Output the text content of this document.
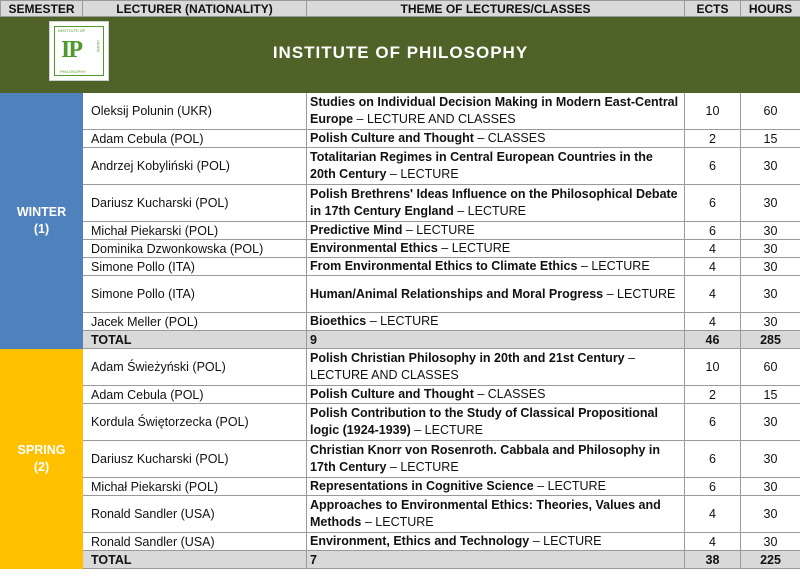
SEMESTER	LECTURER (NATIONALITY)	THEME OF LECTURES/CLASSES	ECTS	HOURS

INSTITUTE OF
IP
PHILOSOPHY
UKSW INSTITUTE OF PHILOSOPHY				

WINTER
(1)	Oleksij Polunin (UKR)	Studies on Individual Decision Making in Modern East-Central Europe – LECTURE AND CLASSES	10	60
	Adam Cebula (POL)	Polish Culture and Thought – CLASSES	2	15
	Andrzej Kobyliński (POL)	Totalitarian Regimes in Central European Countries in the 20th Century – LECTURE	6	30
	Dariusz Kucharski (POL)	Polish Brethrens' Ideas Influence on the Philosophical Debate in 17th Century England – LECTURE	6	30
	Michał Piekarski (POL)	Predictive Mind – LECTURE	6	30
	Dominika Dzwonkowska (POL)	Environmental Ethics – LECTURE	4	30
	Simone Pollo (ITA)	From Environmental Ethics to Climate Ethics – LECTURE	4	30
	Simone Pollo (ITA)	Human/Animal Relationships and Moral Progress – LECTURE	4	30
	Jacek Meller (POL)	Bioethics – LECTURE	4	30
	TOTAL	9	46	285
SPRING
(2)	Adam Świeżyński (POL)	Polish Christian Philosophy in 20th and 21st Century – LECTURE AND CLASSES	10	60
	Adam Cebula (POL)	Polish Culture and Thought – CLASSES	2	15
	Kordula Świętorzecka (POL)	Polish Contribution to the Study of Classical Propositional logic (1924-1939) – LECTURE	6	30
	Dariusz Kucharski (POL)	Christian Knorr von Rosenroth. Cabbala and Philosophy in 17th Century – LECTURE	6	30
	Michał Piekarski (POL)	Representations in Cognitive Science – LECTURE	6	30
	Ronald Sandler (USA)	Approaches to Environmental Ethics: Theories, Values and Methods – LECTURE	4	30
	Ronald Sandler (USA)	Environment, Ethics and Technology – LECTURE	4	30
	TOTAL	7	38	225
